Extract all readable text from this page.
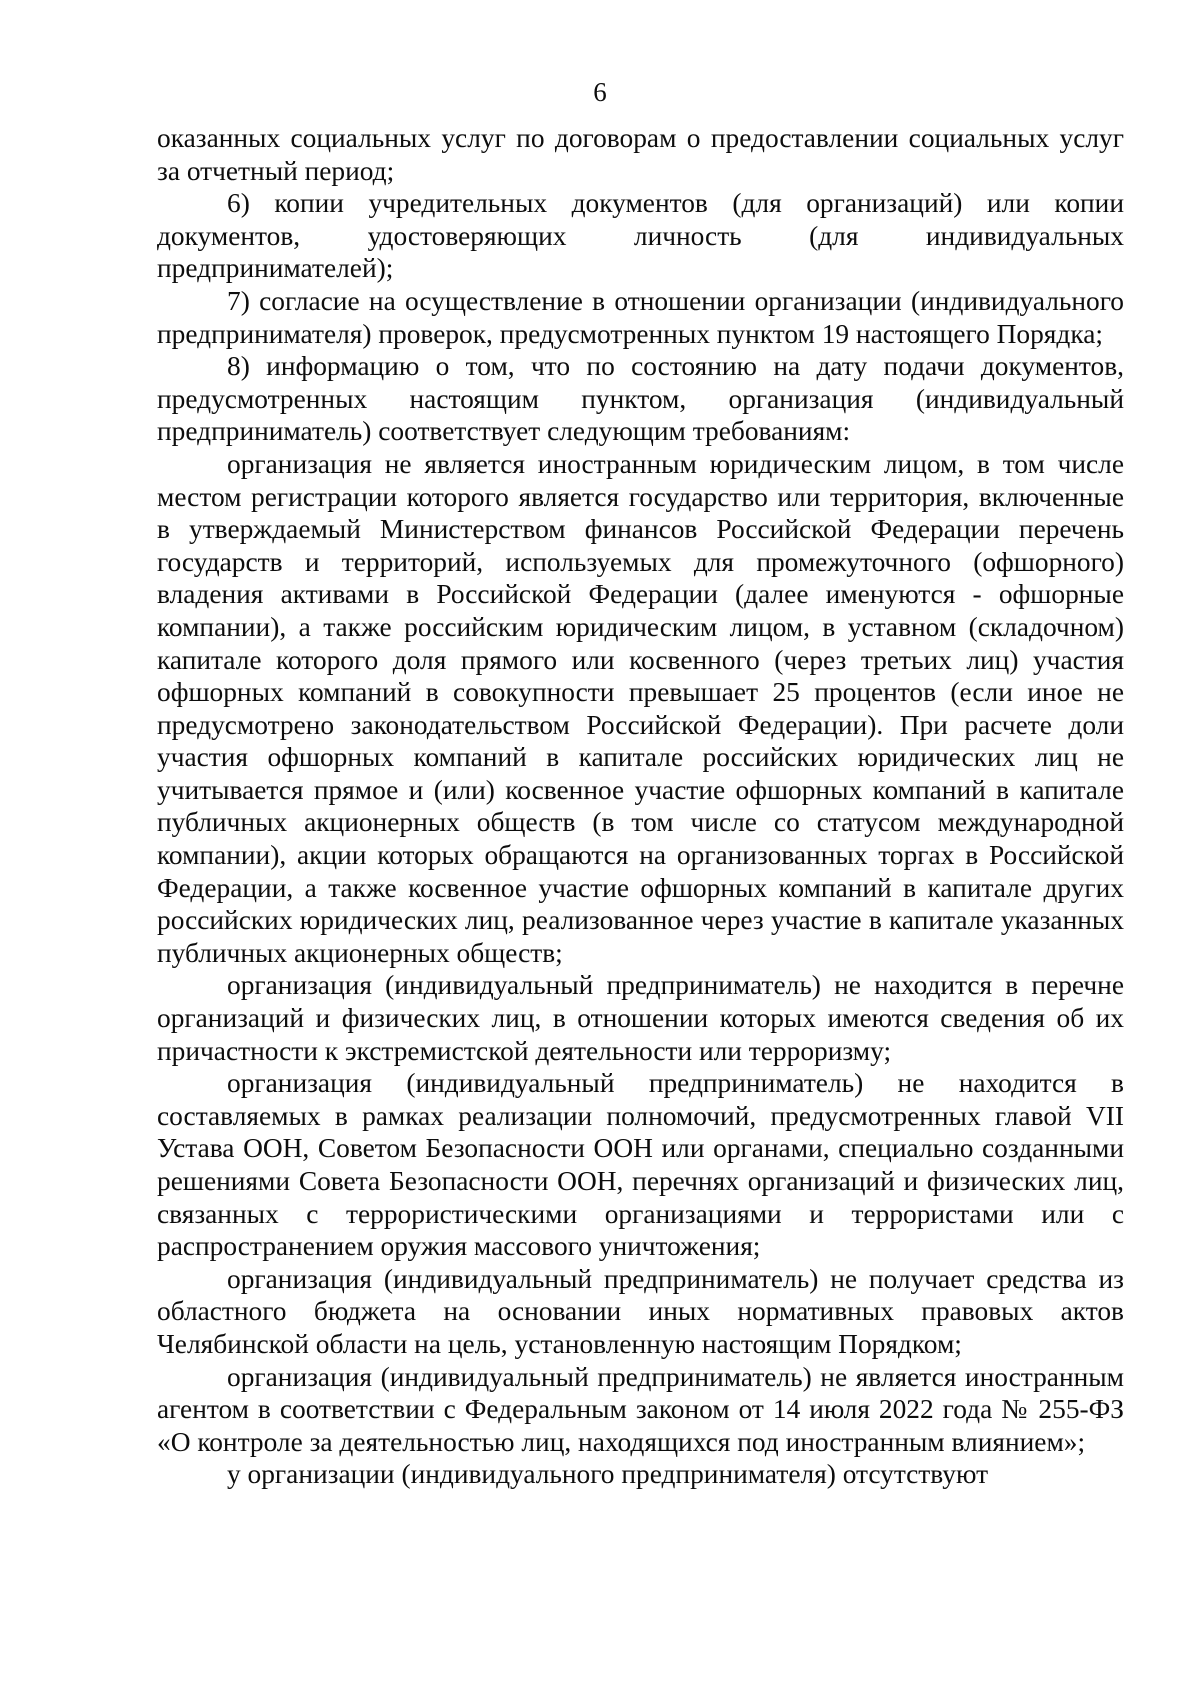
6

оказанных социальных услуг по договорам о предоставлении социальных услуг за отчетный период;

6) копии учредительных документов (для организаций) или копии документов, удостоверяющих личность (для индивидуальных предпринимателей);

7) согласие на осуществление в отношении организации (индивидуального предпринимателя) проверок, предусмотренных пунктом 19 настоящего Порядка;

8) информацию о том, что по состоянию на дату подачи документов, предусмотренных настоящим пунктом, организация (индивидуальный предприниматель) соответствует следующим требованиям:

организация не является иностранным юридическим лицом, в том числе местом регистрации которого является государство или территория, включенные в утверждаемый Министерством финансов Российской Федерации перечень государств и территорий, используемых для промежуточного (офшорного) владения активами в Российской Федерации (далее именуются - офшорные компании), а также российским юридическим лицом, в уставном (складочном) капитале которого доля прямого или косвенного (через третьих лиц) участия офшорных компаний в совокупности превышает 25 процентов (если иное не предусмотрено законодательством Российской Федерации). При расчете доли участия офшорных компаний в капитале российских юридических лиц не учитывается прямое и (или) косвенное участие офшорных компаний в капитале публичных акционерных обществ (в том числе со статусом международной компании), акции которых обращаются на организованных торгах в Российской Федерации, а также косвенное участие офшорных компаний в капитале других российских юридических лиц, реализованное через участие в капитале указанных публичных акционерных обществ;

организация (индивидуальный предприниматель) не находится в перечне организаций и физических лиц, в отношении которых имеются сведения об их причастности к экстремистской деятельности или терроризму;

организация (индивидуальный предприниматель) не находится в составляемых в рамках реализации полномочий, предусмотренных главой VII Устава ООН, Советом Безопасности ООН или органами, специально созданными решениями Совета Безопасности ООН, перечнях организаций и физических лиц, связанных с террористическими организациями и террористами или с распространением оружия массового уничтожения;

организация (индивидуальный предприниматель) не получает средства из областного бюджета на основании иных нормативных правовых актов Челябинской области на цель, установленную настоящим Порядком;

организация (индивидуальный предприниматель) не является иностранным агентом в соответствии с Федеральным законом от 14 июля 2022 года № 255-ФЗ «О контроле за деятельностью лиц, находящихся под иностранным влиянием»;

у организации (индивидуального предпринимателя) отсутствуют
